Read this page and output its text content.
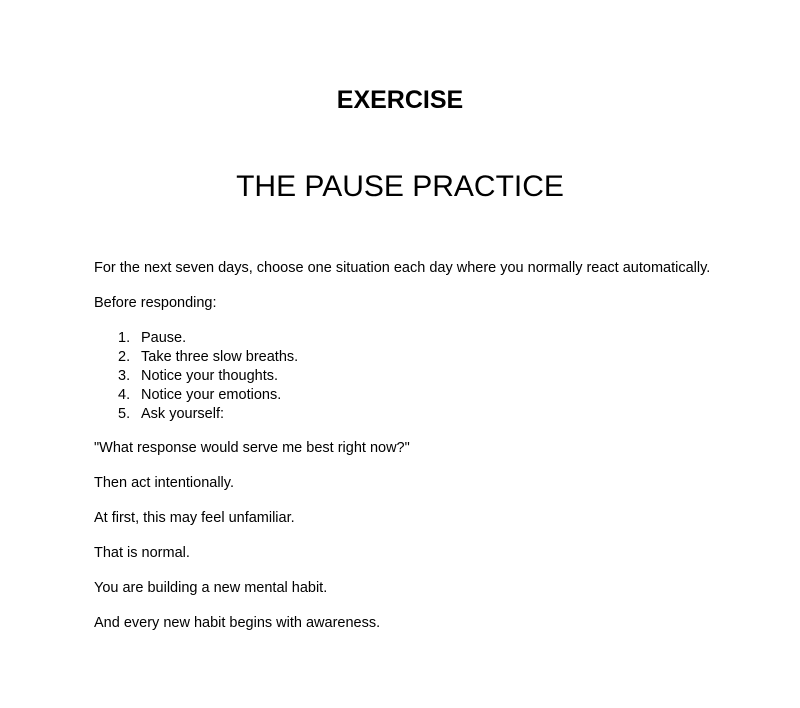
EXERCISE
THE PAUSE PRACTICE

For the next seven days, choose one situation each day where you normally react automatically.

Before responding:

1. Pause.
2. Take three slow breaths.
3. Notice your thoughts.
4. Notice your emotions.
5. Ask yourself:

"What response would serve me best right now?"

Then act intentionally.

At first, this may feel unfamiliar.

That is normal.

You are building a new mental habit.

And every new habit begins with awareness.
